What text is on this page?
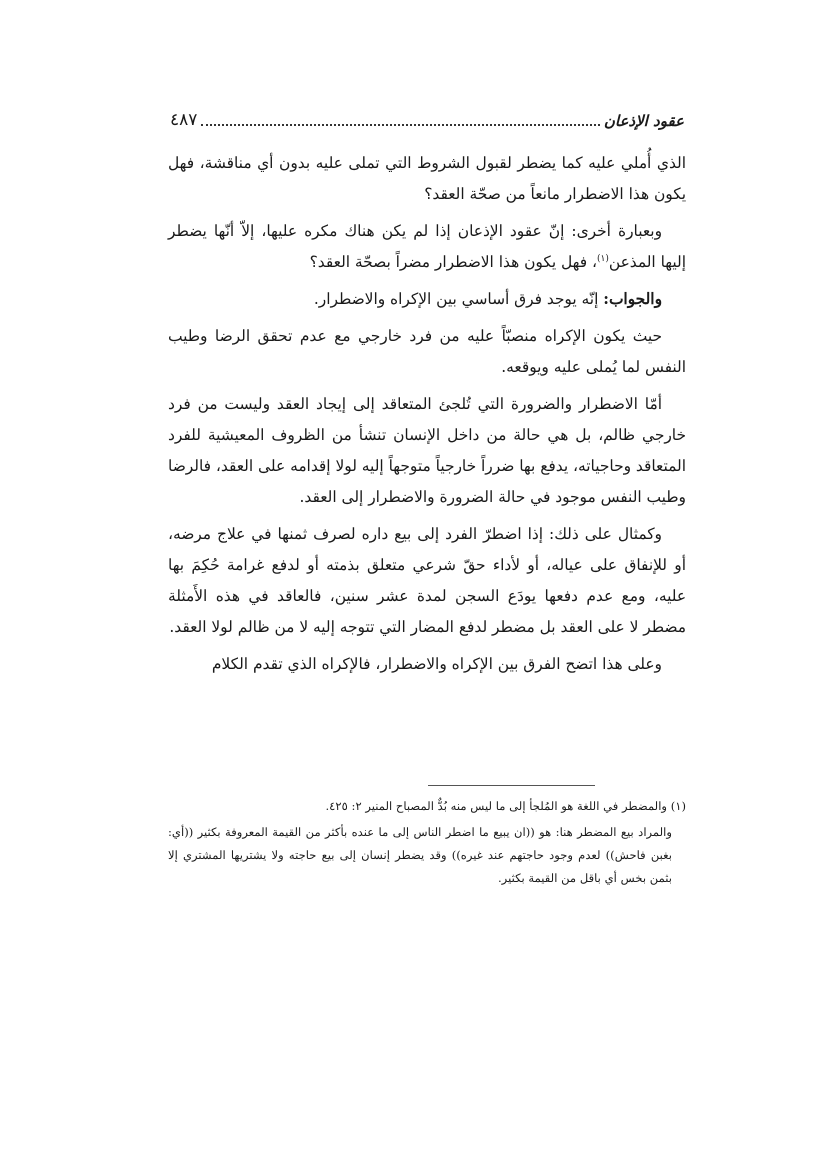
عقود الإذعان
٤٨٧

الذي أُملي عليه كما يضطر لقبول الشروط التي تملى عليه بدون أي مناقشة، فهل يكون هذا الاضطرار مانعاً من صحّة العقد؟

وبعبارة أخرى: إنّ عقود الإذعان إذا لم يكن هناك مكره عليها، إلاّ أنّها يضطر إليها المذعن$^{(١)}$، فهل يكون هذا الاضطرار مضراً بصحّة العقد؟

والجواب: إنّه يوجد فرق أساسي بين الإكراه والاضطرار.

حيث يكون الإكراه منصبّاً عليه من فرد خارجي مع عدم تحقق الرضا وطيب النفس لما يُملى عليه ويوقعه.

أمّا الاضطرار والضرورة التي تُلجئ المتعاقد إلى إيجاد العقد وليست من فرد خارجي ظالم، بل هي حالة من داخل الإنسان تنشأ من الظروف المعيشية للفرد المتعاقد وحاجياته، يدفع بها ضرراً خارجياً متوجهاً إليه لولا إقدامه على العقد، فالرضا وطيب النفس موجود في حالة الضرورة والاضطرار إلى العقد.

وكمثال على ذلك: إذا اضطرّ الفرد إلى بيع داره لصرف ثمنها في علاج مرضه، أو للإنفاق على عياله، أو لأداء حقّ شرعي متعلق بذمته أو لدفع غرامة حُكِمَ بها عليه، ومع عدم دفعها يودَع السجن لمدة عشر سنين، فالعاقد في هذه الأَمثلة مضطر لا على العقد بل مضطر لدفع المضار التي تتوجه إليه لا من ظالم لولا العقد.

وعلى هذا اتضح الفرق بين الإكراه والاضطرار، فالإكراه الذي تقدم الكلام

(١) والمضطر في اللغة هو المُلجأ إلى ما ليس منه بُدٌّ المصباح المنير ٢: ٤٢٥.

والمراد بيع المضطر هنا: هو ((ان يبيع ما اضطر الناس إلى ما عنده بأكثر من القيمة المعروفة بكثير ((أي: بغبن فاحش)) لعدم وجود حاجتهم عند غيره)) وقد يضطر إنسان إلى بيع حاجته ولا يشتريها المشتري إلا بثمن بخس أي باقل من القيمة بكثير.
